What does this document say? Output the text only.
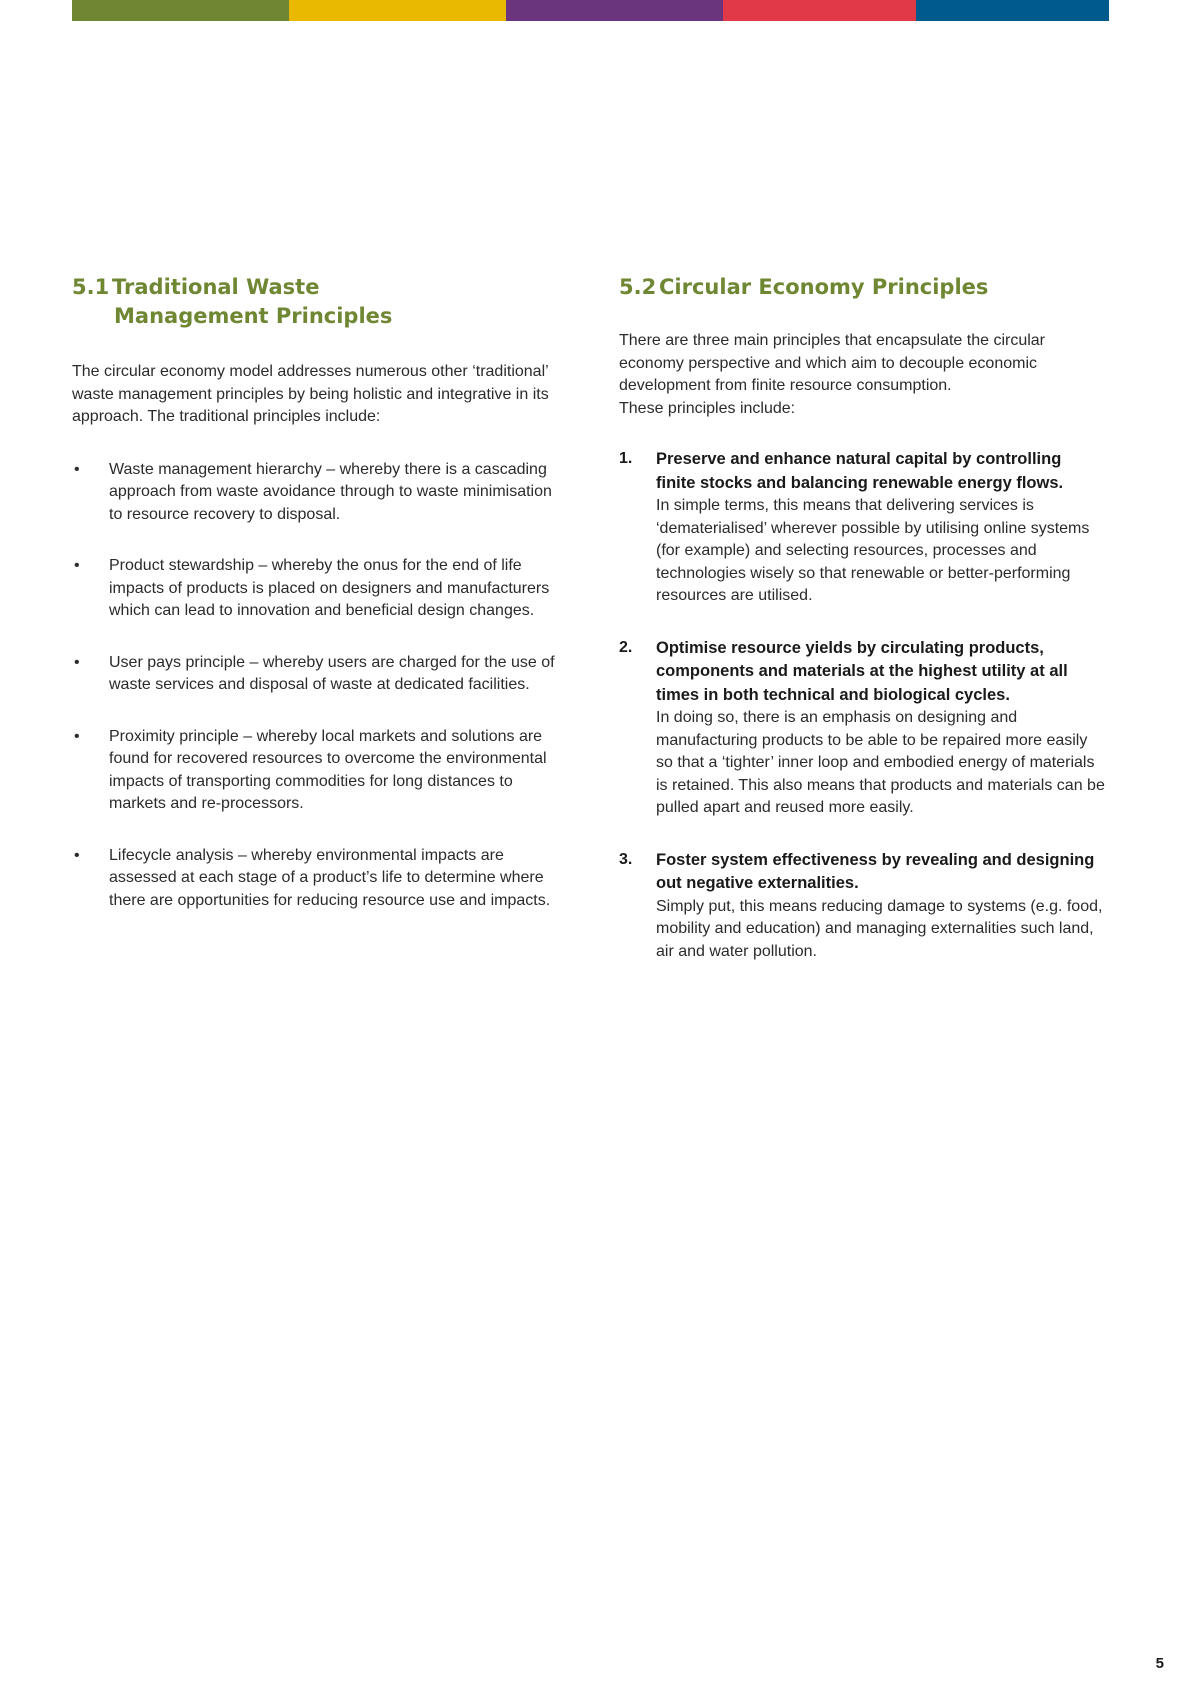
5.1 Traditional Waste
Management Principles

The circular economy model addresses numerous other ‘traditional’ waste management principles by being holistic and integrative in its approach. The traditional principles include:

• Waste management hierarchy – whereby there is a cascading approach from waste avoidance through to waste minimisation to resource recovery to disposal.
• Product stewardship – whereby the onus for the end of life impacts of products is placed on designers and manufacturers which can lead to innovation and beneficial design changes.
• User pays principle – whereby users are charged for the use of waste services and disposal of waste at dedicated facilities.
• Proximity principle – whereby local markets and solutions are found for recovered resources to overcome the environmental impacts of transporting commodities for long distances to markets and re-processors.
• Lifecycle analysis – whereby environmental impacts are assessed at each stage of a product’s life to determine where there are opportunities for reducing resource use and impacts.
5.2 Circular Economy Principles

There are three main principles that encapsulate the circular economy perspective and which aim to decouple economic development from finite resource consumption.

These principles include:

1. Preserve and enhance natural capital by controlling finite stocks and balancing renewable energy flows.
In simple terms, this means that delivering services is ‘dematerialised’ wherever possible by utilising online systems (for example) and selecting resources, processes and technologies wisely so that renewable or better-performing resources are utilised.
2. Optimise resource yields by circulating products, components and materials at the highest utility at all times in both technical and biological cycles.
In doing so, there is an emphasis on designing and manufacturing products to be able to be repaired more easily so that a ‘tighter’ inner loop and embodied energy of materials is retained. This also means that products and materials can be pulled apart and reused more easily.
3. Foster system effectiveness by revealing and designing out negative externalities.
Simply put, this means reducing damage to systems (e.g. food, mobility and education) and managing externalities such land, air and water pollution.
5
